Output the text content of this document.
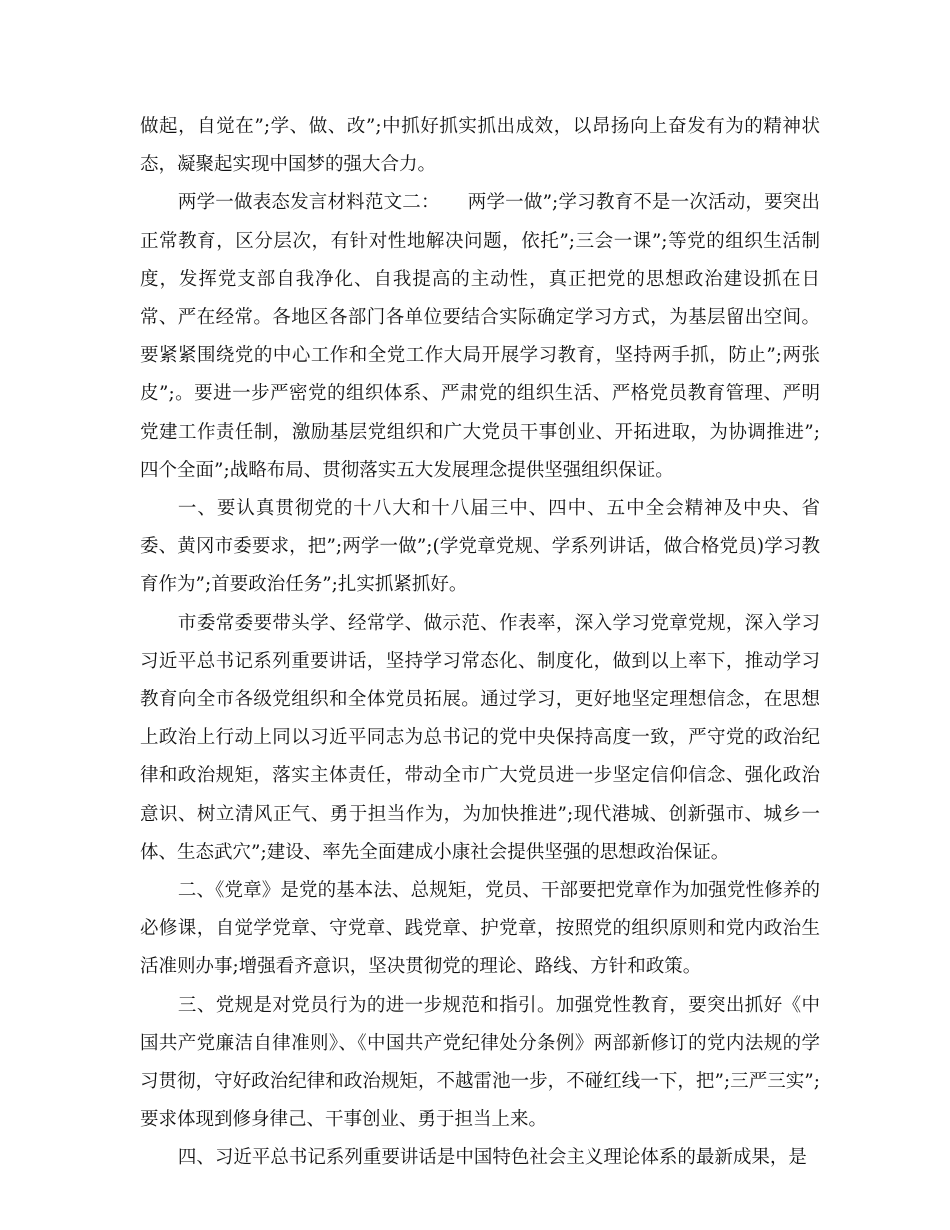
做起，自觉在”;学、做、改”;中抓好抓实抓出成效，以昂扬向上奋发有为的精神状态，凝聚起实现中国梦的强大合力。

两学一做表态发言材料范文二：　　两学一做”;学习教育不是一次活动，要突出正常教育，区分层次，有针对性地解决问题，依托”;三会一课”;等党的组织生活制度，发挥党支部自我净化、自我提高的主动性，真正把党的思想政治建设抓在日常、严在经常。各地区各部门各单位要结合实际确定学习方式，为基层留出空间。要紧紧围绕党的中心工作和全党工作大局开展学习教育，坚持两手抓，防止”;两张皮”;。要进一步严密党的组织体系、严肃党的组织生活、严格党员教育管理、严明党建工作责任制，激励基层党组织和广大党员干事创业、开拓进取，为协调推进”;四个全面”;战略布局、贯彻落实五大发展理念提供坚强组织保证。

一、要认真贯彻党的十八大和十八届三中、四中、五中全会精神及中央、省委、黄冈市委要求，把”;两学一做”;(学党章党规、学系列讲话，做合格党员)学习教育作为”;首要政治任务”;扎实抓紧抓好。

市委常委要带头学、经常学、做示范、作表率，深入学习党章党规，深入学习习近平总书记系列重要讲话，坚持学习常态化、制度化，做到以上率下，推动学习教育向全市各级党组织和全体党员拓展。通过学习，更好地坚定理想信念，在思想上政治上行动上同以习近平同志为总书记的党中央保持高度一致，严守党的政治纪律和政治规矩，落实主体责任，带动全市广大党员进一步坚定信仰信念、强化政治意识、树立清风正气、勇于担当作为，为加快推进”;现代港城、创新强市、城乡一体、生态武穴”;建设、率先全面建成小康社会提供坚强的思想政治保证。

二、《党章》是党的基本法、总规矩，党员、干部要把党章作为加强党性修养的必修课，自觉学党章、守党章、践党章、护党章，按照党的组织原则和党内政治生活准则办事;增强看齐意识，坚决贯彻党的理论、路线、方针和政策。

三、党规是对党员行为的进一步规范和指引。加强党性教育，要突出抓好《中国共产党廉洁自律准则》、《中国共产党纪律处分条例》两部新修订的党内法规的学习贯彻，守好政治纪律和政治规矩，不越雷池一步，不碰红线一下，把”;三严三实”;要求体现到修身律己、干事创业、勇于担当上来。

四、习近平总书记系列重要讲话是中国特色社会主义理论体系的最新成果，是
